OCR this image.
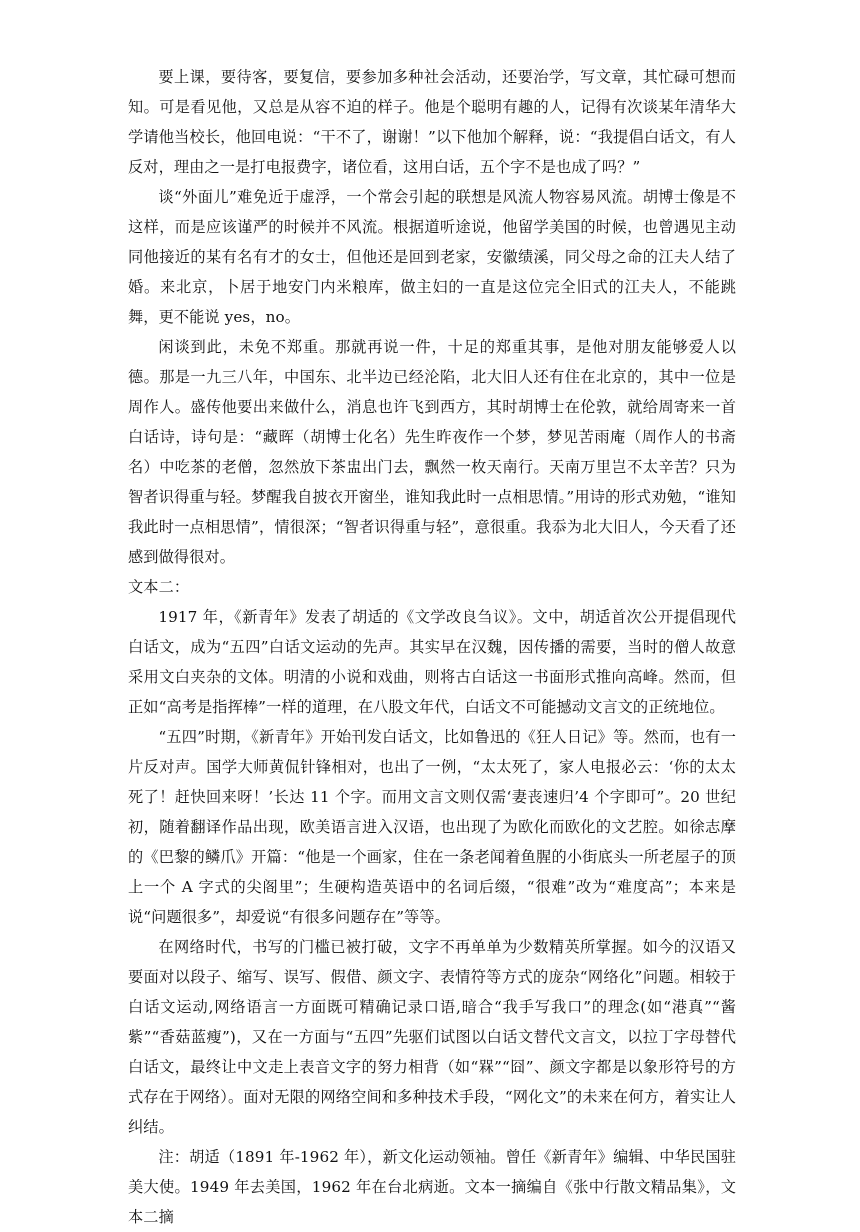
要上课，要待客，要复信，要参加多种社会活动，还要治学，写文章，其忙碌可想而知。可是看见他，又总是从容不迫的样子。他是个聪明有趣的人，记得有次谈某年清华大学请他当校长，他回电说：“干不了，谢谢！”以下他加个解释，说：“我提倡白话文，有人反对，理由之一是打电报费字，诸位看，这用白话，五个字不是也成了吗？”

谈“外面儿”难免近于虚浮，一个常会引起的联想是风流人物容易风流。胡博士像是不这样，而是应该谨严的时候并不风流。根据道听途说，他留学美国的时候，也曾遇见主动同他接近的某有名有才的女士，但他还是回到老家，安徽绩溪，同父母之命的江夫人结了婚。来北京，卜居于地安门内米粮库，做主妇的一直是这位完全旧式的江夫人，不能跳舞，更不能说 yes，no。

闲谈到此，未免不郑重。那就再说一件，十足的郑重其事，是他对朋友能够爱人以德。那是一九三八年，中国东、北半边已经沦陷，北大旧人还有住在北京的，其中一位是周作人。盛传他要出来做什么，消息也许飞到西方，其时胡博士在伦敦，就给周寄来一首白话诗，诗句是：“藏晖（胡博士化名）先生昨夜作一个梦，梦见苦雨庵（周作人的书斋名）中吃茶的老僧，忽然放下茶盅出门去，飘然一枚天南行。天南万里岂不太辛苦？只为智者识得重与轻。梦醒我自披衣开窗坐，谁知我此时一点相思情。”用诗的形式劝勉，“谁知我此时一点相思情”，情很深；“智者识得重与轻”，意很重。我忝为北大旧人，今天看了还感到做得很对。

文本二：

1917 年，《新青年》发表了胡适的《文学改良刍议》。文中，胡适首次公开提倡现代白话文，成为“五四”白话文运动的先声。其实早在汉魏，因传播的需要，当时的僧人故意采用文白夹杂的文体。明清的小说和戏曲，则将古白话这一书面形式推向高峰。然而，但正如“高考是指挥棒”一样的道理，在八股文年代，白话文不可能撼动文言文的正统地位。

“五四”时期，《新青年》开始刊发白话文，比如鲁迅的《狂人日记》等。然而，也有一片反对声。国学大师黄侃针锋相对，也出了一例，“太太死了，家人电报必云：‘你的太太死了！赶快回来呀！’长达 11 个字。而用文言文则仅需‘妻丧速归’4 个字即可”。20 世纪初，随着翻译作品出现，欧美语言进入汉语，也出现了为欧化而欧化的文艺腔。如徐志摩的《巴黎的鳞爪》开篇：“他是一个画家，住在一条老闻着鱼腥的小街底头一所老屋子的顶上一个 A 字式的尖阁里”；生硬构造英语中的名词后缀，“很难”改为“难度高”；本来是说“问题很多”，却爱说“有很多问题存在”等等。

在网络时代，书写的门槛已被打破，文字不再单单为少数精英所掌握。如今的汉语又要面对以段子、缩写、误写、假借、颜文字、表情符等方式的庞杂“网络化”问题。相较于白话文运动,网络语言一方面既可精确记录口语,暗合“我手写我口”的理念(如“港真”“酱紫”“香菇蓝瘦”)，又在一方面与“五四”先驱们试图以白话文替代文言文，以拉丁字母替代白话文，最终让中文走上表音文字的努力相背（如“槑”“囧”、颜文字都是以象形符号的方式存在于网络）。面对无限的网络空间和多种技术手段，“网化文”的未来在何方，着实让人纠结。

注：胡适（1891 年-1962 年），新文化运动领袖。曾任《新青年》编辑、中华民国驻美大使。1949 年去美国，1962 年在台北病逝。文本一摘编自《张中行散文精品集》，文本二摘
